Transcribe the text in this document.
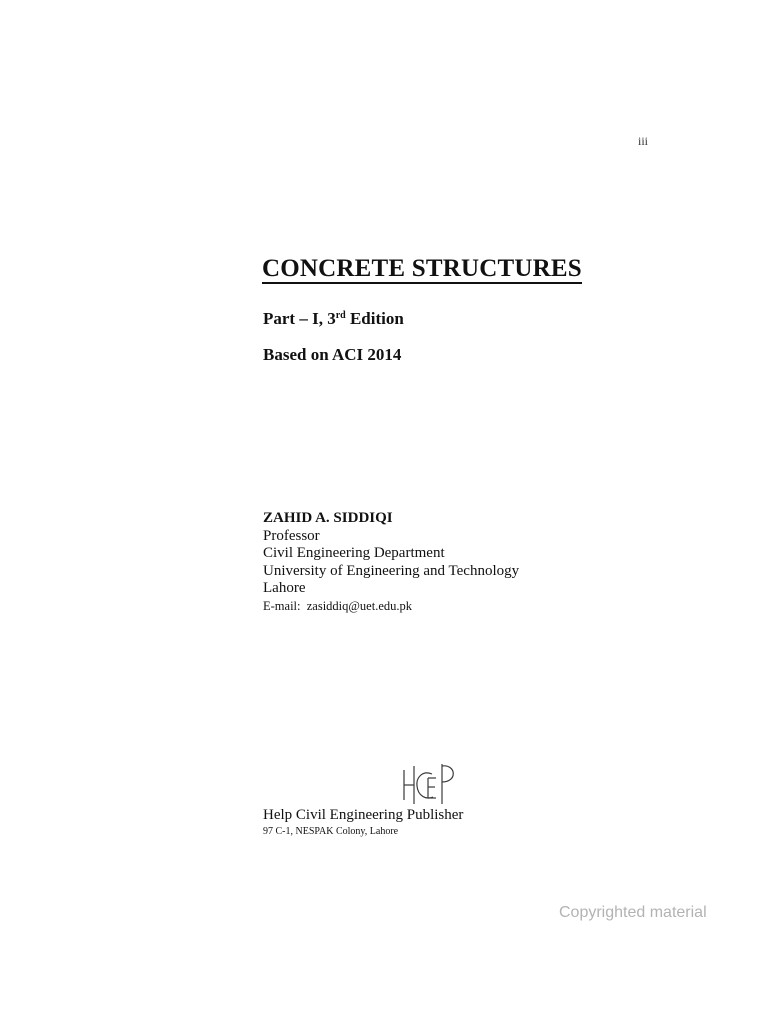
iii
CONCRETE STRUCTURES
Part – I, 3rd Edition
Based on ACI 2014
ZAHID A. SIDDIQI
Professor
Civil Engineering Department
University of Engineering and Technology
Lahore
E-mail: zasiddiq@uet.edu.pk
Help Civil Engineering Publisher
97 C-1, NESPAK Colony, Lahore
Copyrighted material
